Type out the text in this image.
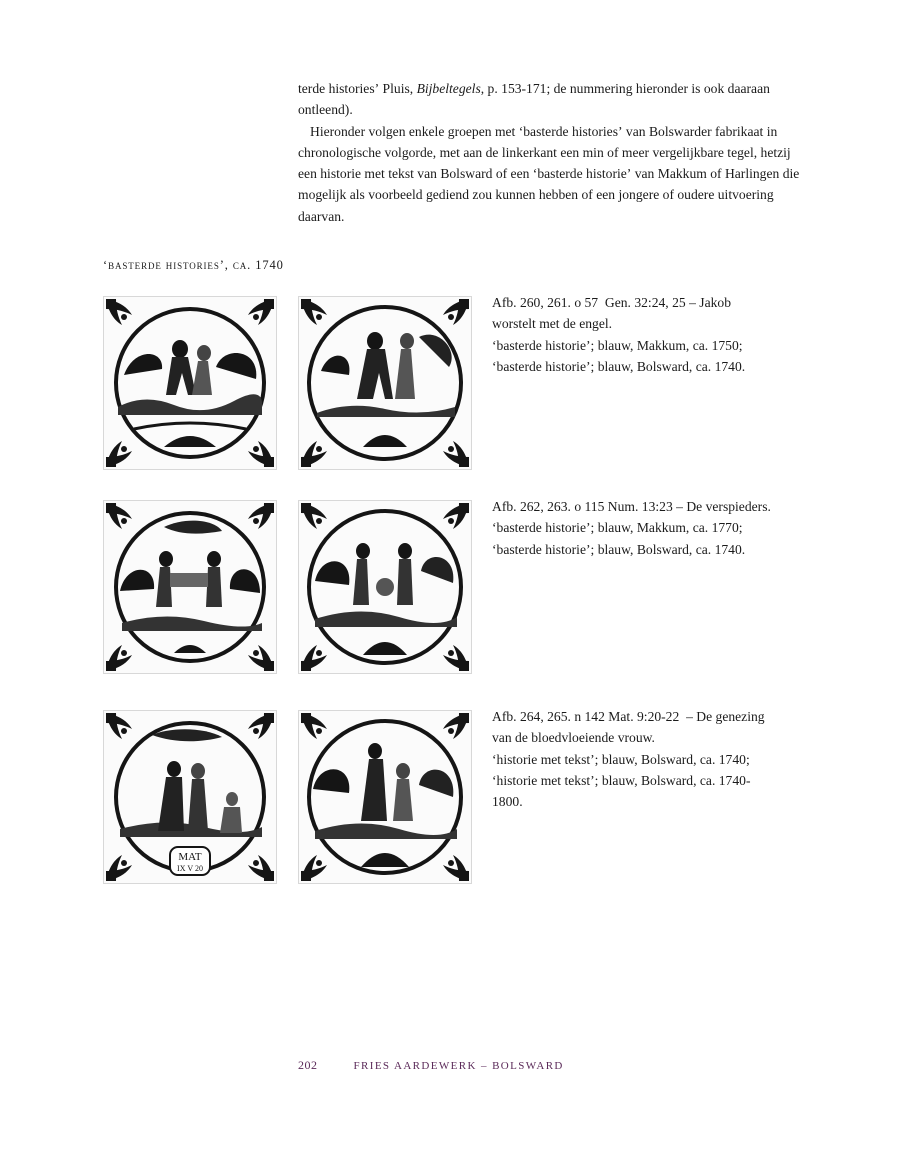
terde historiesʼ Pluis, Bijbeltegels, p. 153-171; de nummering hieronder is ook daaraan ontleend).

Hieronder volgen enkele groepen met ʻbasterde historiesʼ van Bolswarder fabrikaat in chronologische volgorde, met aan de linkerkant een min of meer vergelijkbare tegel, hetzij een historie met tekst van Bolsward of een ʻbasterde historieʼ van Makkum of Harlingen die mogelijk als voorbeeld gediend zou kunnen hebben of een jongere of oudere uitvoering daarvan.

ʻbasterde historiesʼ, ca. 1740
Afb. 260, 261. o 57  Gen. 32:24, 25 – Jakob
worstelt met de engel.
ʻbasterde historieʼ; blauw, Makkum, ca. 1750;
ʻbasterde historieʼ; blauw, Bolsward, ca. 1740.
Afb. 262, 263. o 115 Num. 13:23 – De verspieders.
ʻbasterde historieʼ; blauw, Makkum, ca. 1770;
ʻbasterde historieʼ; blauw, Bolsward, ca. 1740.
MAT
IX V 20
Afb. 264, 265. n 142 Mat. 9:20-22  – De genezing
van de bloedvloeiende vrouw.
ʻhistorie met tekstʼ; blauw, Bolsward, ca. 1740;
ʻhistorie met tekstʼ; blauw, Bolsward, ca. 1740-
1800.
202	FRIES AARDEWERK – BOLSWARD
